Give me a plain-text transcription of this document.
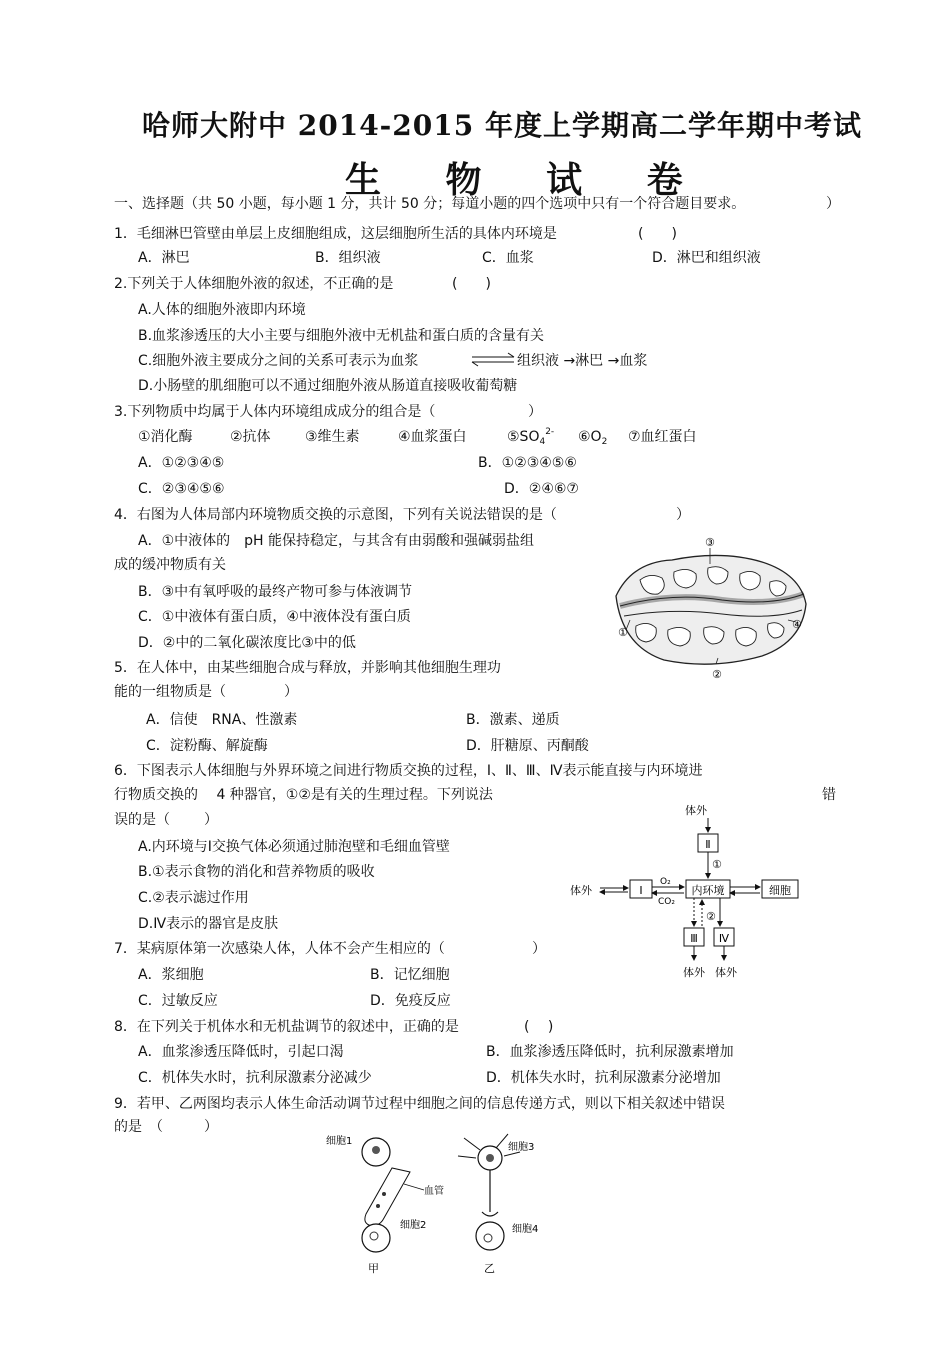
哈师大附中 2014-2015 年度上学期高二学年期中考试
生 物 试 卷
一、选择题（共 50 小题，每小题 1 分，共计 50 分；每道小题的四个选项中只有一个符合题目要求。	）
1．毛细淋巴管壁由单层上皮细胞组成，这层细胞所生活的具体内环境是	(　　)
A．淋巴	B．组织液	C．血浆	D．淋巴和组织液
2.下列关于人体细胞外液的叙述，不正确的是	(　　)
A.人体的细胞外液即内环境
B.血浆渗透压的大小主要与细胞外液中无机盐和蛋白质的含量有关
C.细胞外液主要成分之间的关系可表示为血浆	⇌ 组织液 →淋巴 →血浆
D.小肠壁的肌细胞可以不通过细胞外液从肠道直接吸收葡萄糖
3.下列物质中均属于人体内环境组成成分的组合是（	）
①消化酶	②抗体 ③维生素	④血浆蛋白	$⑤SO_4^{2-}$ $⑥O_2$ ⑦血红蛋白
A．①②③④⑤	B．①②③④⑤⑥
C．②③④⑤⑥	D．②④⑥⑦
4．右图为人体局部内环境物质交换的示意图，下列有关说法错误的是（	）
A．①中液体的　pH 能保持稳定，与其含有由弱酸和强碱弱盐组
成的缓冲物质有关
B．③中有氧呼吸的最终产物可参与体液调节
C．①中液体有蛋白质，④中液体没有蛋白质
D．②中的二氧化碳浓度比③中的低
③
①
④
②
5．在人体中，由某些细胞合成与释放，并影响其他细胞生理功
能的一组物质是（	）
A．信使　RNA、性激素	B．激素、递质
C．淀粉酶、解旋酶	D．肝糖原、丙酮酸
6．下图表示人体细胞与外界环境之间进行物质交换的过程，Ⅰ、Ⅱ、Ⅲ、Ⅳ表示能直接与内环境进
行物质交换的　 4 种器官，①②是有关的生理过程。下列说法	错
误的是（ ）
A.内环境与Ⅰ交换气体必须通过肺泡壁和毛细血管壁
B.①表示食物的消化和营养物质的吸收
C.②表示滤过作用
D.Ⅳ表示的器官是皮肤
体外
Ⅱ
①
体外	Ⅰ
O₂
CO₂
内环境	细胞
②
Ⅲ Ⅳ
体外 体外
7．某病原体第一次感染人体，人体不会产生相应的（	）
A．浆细胞	B．记忆细胞
C．过敏反应	D．免疫反应
8．在下列关于机体水和无机盐调节的叙述中，正确的是	(　 )
A．血浆渗透压降低时，引起口渴	B．血浆渗透压降低时，抗利尿激素增加
C．机体失水时，抗利尿激素分泌减少	D．机体失水时，抗利尿激素分泌增加
9．若甲、乙两图均表示人体生命活动调节过程中细胞之间的信息传递方式，则以下相关叙述中错误
的是　（	）
细胞1
血管
细胞2
甲
细胞3
细胞4
乙
